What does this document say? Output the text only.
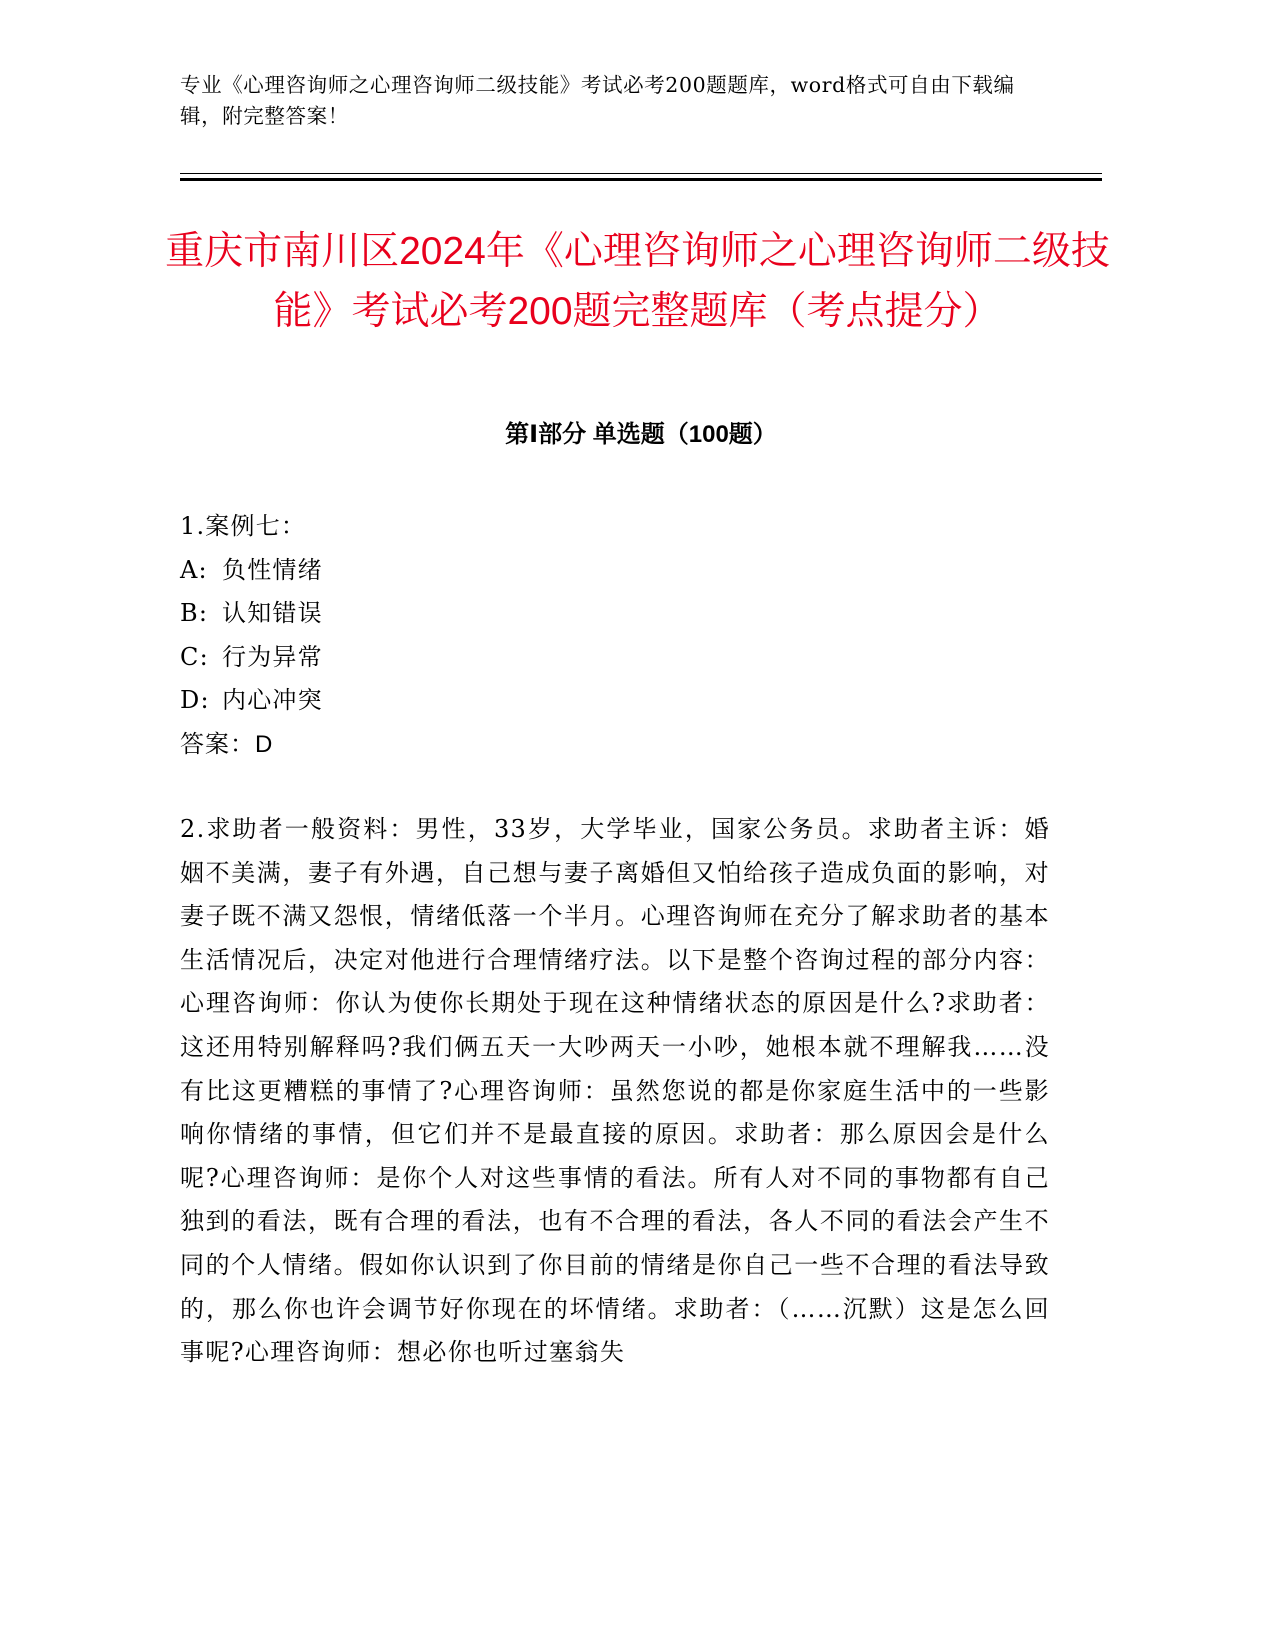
专业《心理咨询师之心理咨询师二级技能》考试必考200题题库，word格式可自由下载编辑，附完整答案！
重庆市南川区2024年《心理咨询师之心理咨询师二级技能》考试必考200题完整题库（考点提分）
第Ⅰ部分 单选题（100题）
1.案例七：
A: 负性情绪
B: 认知错误
C: 行为异常
D: 内心冲突
答案：D
2.求助者一般资料：男性，33岁，大学毕业，国家公务员。求助者主诉：婚姻不美满，妻子有外遇，自己想与妻子离婚但又怕给孩子造成负面的影响，对妻子既不满又怨恨，情绪低落一个半月。心理咨询师在充分了解求助者的基本生活情况后，决定对他进行合理情绪疗法。以下是整个咨询过程的部分内容：心理咨询师：你认为使你长期处于现在这种情绪状态的原因是什么?求助者：这还用特别解释吗?我们俩五天一大吵两天一小吵，她根本就不理解我……没有比这更糟糕的事情了?心理咨询师：虽然您说的都是你家庭生活中的一些影响你情绪的事情，但它们并不是最直接的原因。求助者：那么原因会是什么呢?心理咨询师：是你个人对这些事情的看法。所有人对不同的事物都有自己独到的看法，既有合理的看法，也有不合理的看法，各人不同的看法会产生不同的个人情绪。假如你认识到了你目前的情绪是你自己一些不合理的看法导致的，那么你也许会调节好你现在的坏情绪。求助者：（……沉默）这是怎么回事呢?心理咨询师：想必你也听过塞翁失
